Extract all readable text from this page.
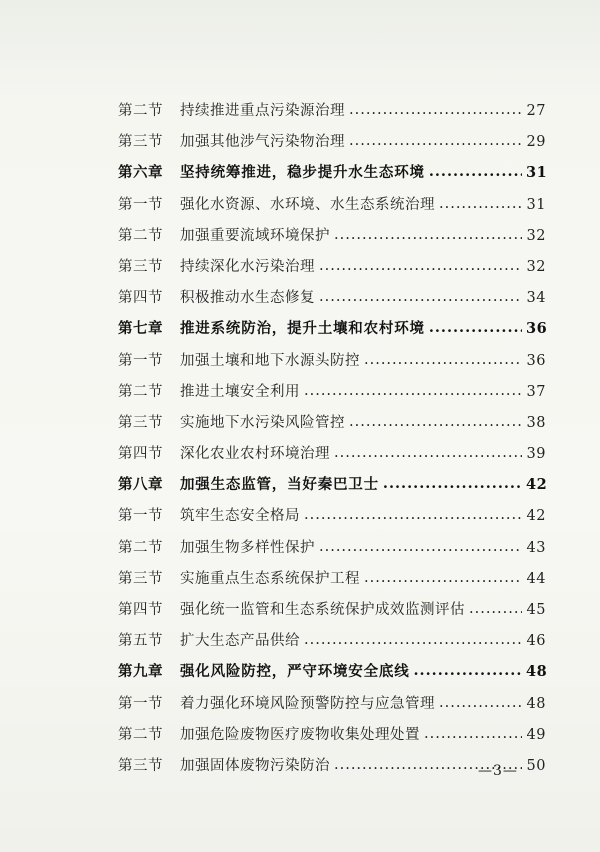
第二节	持续推进重点污染源治理 .....	27
第三节	加强其他涉气污染物治理 .....	29
第六章	坚持统筹推进，稳步提升水生态环境 .....	31
第一节	强化水资源、水环境、水生态系统治理 .....	31
第二节	加强重要流域环境保护 .....	32
第三节	持续深化水污染治理 .....	32
第四节	积极推动水生态修复 .....	34
第七章	推进系统防治，提升土壤和农村环境 .....	36
第一节	加强土壤和地下水源头防控 .....	36
第二节	推进土壤安全利用 .....	37
第三节	实施地下水污染风险管控 .....	38
第四节	深化农业农村环境治理 .....	39
第八章	加强生态监管，当好秦巴卫士 .....	42
第一节	筑牢生态安全格局 .....	42
第二节	加强生物多样性保护 .....	43
第三节	实施重点生态系统保护工程 .....	44
第四节	强化统一监管和生态系统保护成效监测评估 .....	45
第五节	扩大生态产品供给 .....	46
第九章	强化风险防控，严守环境安全底线 .....	48
第一节	着力强化环境风险预警防控与应急管理 .....	48
第二节	加强危险废物医疗废物收集处理处置 .....	49
第三节	加强固体废物污染防治 .....	50
—3—
